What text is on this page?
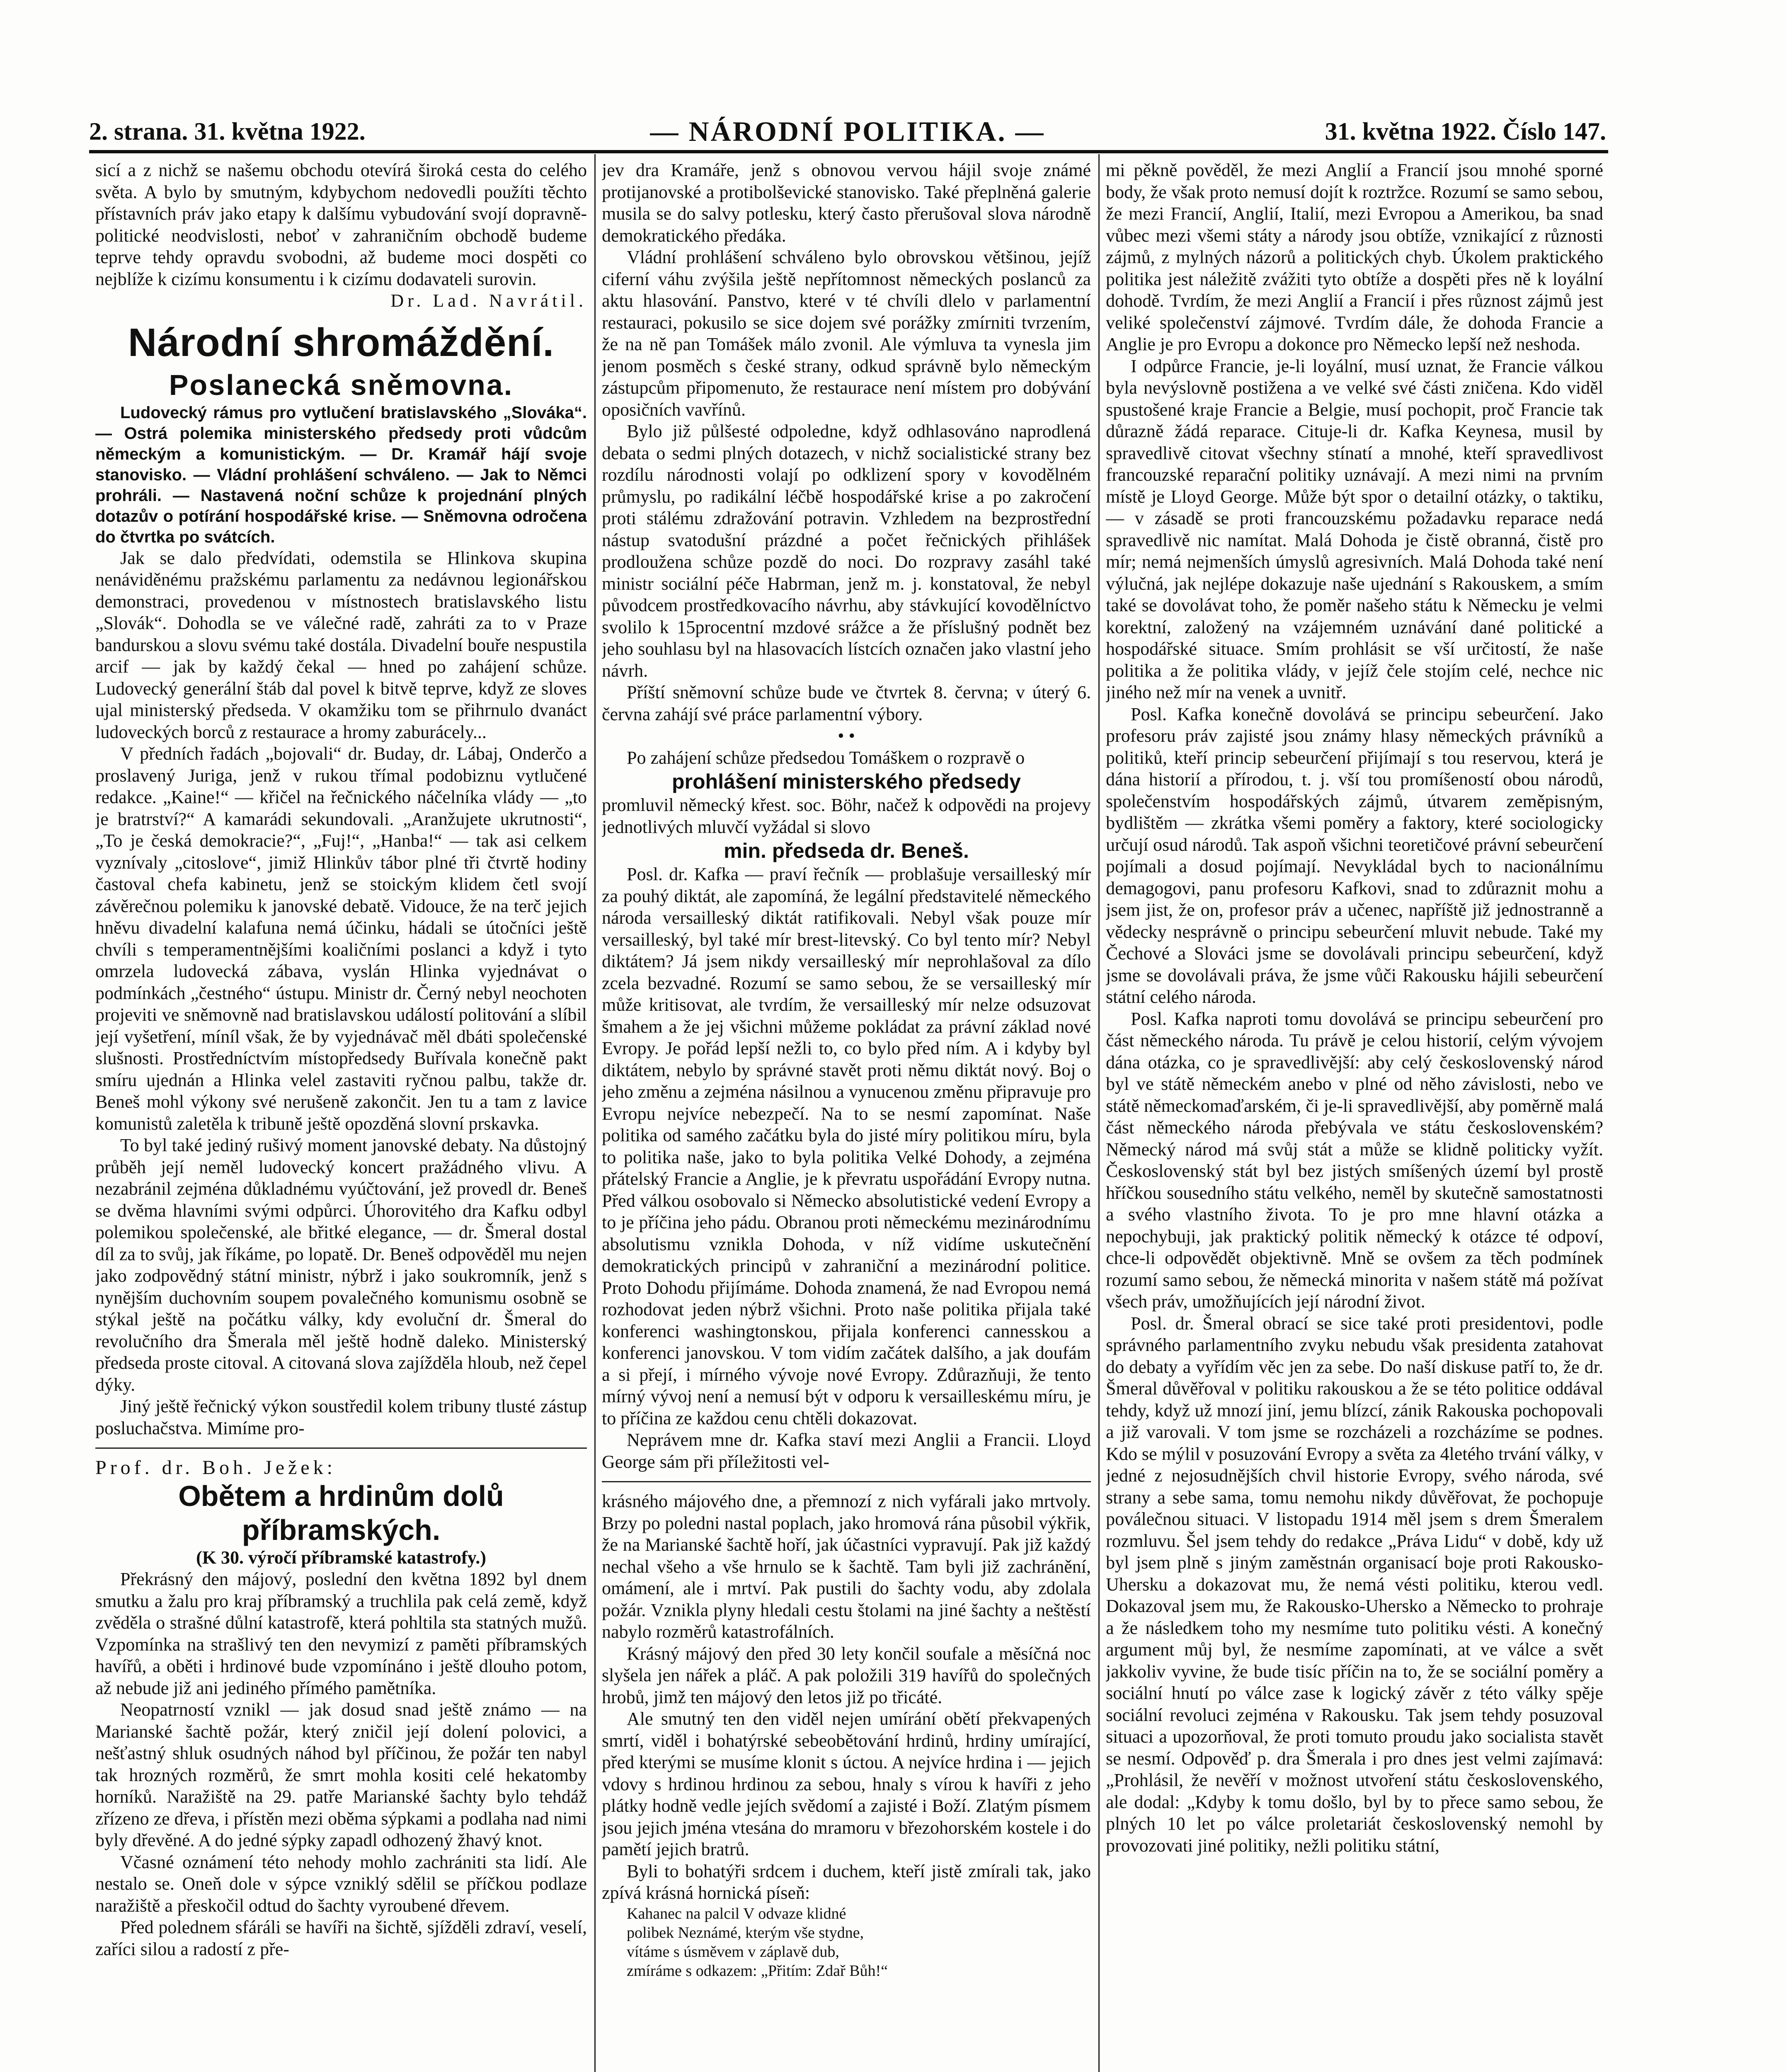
2. strana. 31. května 1922.	— NÁRODNÍ POLITIKA. —	31. května 1922. Číslo 147.

sicí a z nichž se našemu obchodu otevírá široká cesta do celého světa. A bylo by smutným, kdybychom nedovedli použíti těchto přístavních práv jako etapy k dalšímu vybudování svojí dopravně-politické neodvislosti, neboť v zahraničním obchodě budeme teprve tehdy opravdu svobodni, až budeme moci dospěti co nejblíže k cizímu konsumentu i k cizímu dodavateli surovin.

Dr. Lad. Navrátil.

Národní shromáždění.
Poslanecká sněmovna.

Ludovecký rámus pro vytlučení bratislavského „Slováka“. — Ostrá polemika ministerského předsedy proti vůdcům německým a komunistickým. — Dr. Kramář hájí svoje stanovisko. — Vládní prohlášení schváleno. — Jak to Němci prohráli. — Nastavená noční schůze k projednání plných dotazův o potírání hospodářské krise. — Sněmovna odročena do čtvrtka po svátcích.

Jak se dalo předvídati, odemstila se Hlinkova skupina nenáviděnému pražskému parlamentu za nedávnou legionářskou demonstraci, provedenou v místnostech bratislavského listu „Slovák“. Dohodla se ve válečné radě, zahráti za to v Praze bandurskou a slovu svému také dostála. Divadelní bouře nespustila arcif — jak by každý čekal — hned po zahájení schůze. Ludovecký generální štáb dal povel k bitvě teprve, když ze sloves ujal ministerský předseda. V okamžiku tom se přihrnulo dvanáct ludoveckých borců z restaurace a hromy zaburácely...

V předních řadách „bojovali“ dr. Buday, dr. Lábaj, Onderčo a proslavený Juriga, jenž v rukou třímal podobiznu vytlučené redakce. „Kaine!“ — křičel na řečnického náčelníka vlády — „to je bratrství?“ A kamarádi sekundovali. „Aranžujete ukrutnosti“, „To je česká demokracie?“, „Fuj!“, „Hanba!“ — tak asi celkem vyznívaly „citoslove“, jimiž Hlinkův tábor plné tři čtvrtě hodiny častoval chefa kabinetu, jenž se stoickým klidem četl svojí závěrečnou polemiku k janovské debatě. Vidouce, že na terč jejich hněvu divadelní kalafuna nemá účinku, hádali se útočníci ještě chvíli s temperamentnějšími koaličními poslanci a když i tyto omrzela ludovecká zábava, vyslán Hlinka vyjednávat o podmínkách „čestného“ ústupu. Ministr dr. Černý nebyl neochoten projeviti ve sněmovně nad bratislavskou událostí politování a slíbil její vyšetření, míníl však, že by vyjednávač měl dbáti společenské slušnosti. Prostředníctvím místopředsedy Buřívala konečně pakt smíru ujednán a Hlinka velel zastaviti ryčnou palbu, takže dr. Beneš mohl výkony své nerušeně zakončit. Jen tu a tam z lavice komunistů zaletěla k tribuně ještě opozděná slovní prskavka.

To byl také jediný rušivý moment janovské debaty. Na důstojný průběh její neměl ludovecký koncert pražádného vlivu. A nezabránil zejména důkladnému vyúčtování, jež provedl dr. Beneš se dvěma hlavními svými odpůrci. Úhorovitého dra Kafku odbyl polemikou společenské, ale břitké elegance, — dr. Šmeral dostal díl za to svůj, jak říkáme, po lopatě. Dr. Beneš odpověděl mu nejen jako zodpovědný státní ministr, nýbrž i jako soukromník, jenž s nynějším duchovním soupem povalečného komunismu osobně se stýkal ještě na počátku války, kdy evoluční dr. Šmeral do revolučního dra Šmerala měl ještě hodně daleko. Ministerský předseda proste citoval. A citovaná slova zajížděla hloub, než čepel dýky.

Jiný ještě řečnický výkon soustředil kolem tribuny tlusté zástup posluchačstva. Mimíme pro-

Prof. dr. Boh. Ježek:

Obětem a hrdinům dolů příbramských.

(K 30. výročí příbramské katastrofy.)

Překrásný den májový, poslední den května 1892 byl dnem smutku a žalu pro kraj příbramský a truchlila pak celá země, když zvěděla o strašné důlní katastrofě, která pohltila sta statných mužů. Vzpomínka na strašlivý ten den nevymizí z paměti příbramských havířů, a oběti i hrdinové bude vzpomínáno i ještě dlouho potom, až nebude již ani jediného přímého pamětníka.

Neopatrností vznikl — jak dosud snad ještě známo — na Marianské šachtě požár, který zničil její dolení polovici, a nešťastný shluk osudných náhod byl příčinou, že požár ten nabyl tak hrozných rozměrů, že smrt mohla kositi celé hekatomby horníků. Naražiště na 29. patře Marianské šachty bylo tehdáž zřízeno ze dřeva, i přístěn mezi oběma sýpkami a podlaha nad nimi byly dřevěné. A do jedné sýpky zapadl odhozený žhavý knot.

Včasné oznámení této nehody mohlo zachrániti sta lidí. Ale nestalo se. Oneň dole v sýpce vzniklý sdělil se příčkou podlaze naražiště a přeskočil odtud do šachty vyroubené dřevem.

Před polednem sfáráli se havíři na šichtě, sjížděli zdraví, veselí, zaříci silou a radostí z pře-

jev dra Kramáře, jenž s obnovou vervou hájil svoje známé protijanovské a protibolševické stanovisko. Také přeplněná galerie musila se do salvy potlesku, který často přerušoval slova národně demokratického předáka.

Vládní prohlášení schváleno bylo obrovskou většinou, jejíž ciferní váhu zvýšila ještě nepřítomnost německých poslanců za aktu hlasování. Panstvo, které v té chvíli dlelo v parlamentní restauraci, pokusilo se sice dojem své porážky zmírniti tvrzením, že na ně pan Tomášek málo zvonil. Ale výmluva ta vynesla jim jenom posměch s české strany, odkud správně bylo německým zástupcům připomenuto, že restaurace není místem pro dobývání oposičních vavřínů.

Bylo již půlšesté odpoledne, když odhlasováno naprodlená debata o sedmi plných dotazech, v nichž socialistické strany bez rozdílu národnosti volají po odklizení spory v kovodělném průmyslu, po radikální léčbě hospodářské krise a po zakročení proti stálému zdražování potravin. Vzhledem na bezprostřední nástup svatodušní prázdné a počet řečnických přihlášek prodloužena schůze pozdě do noci. Do rozpravy zasáhl také ministr sociální péče Habrman, jenž m. j. konstatoval, že nebyl původcem prostředkovacího návrhu, aby stávkující kovodělníctvo svolilo k 15procentní mzdové srážce a že příslušný podnět bez jeho souhlasu byl na hlasovacích lístcích označen jako vlastní jeho návrh.

Příští sněmovní schůze bude ve čtvrtek 8. června; v úterý 6. června zahájí své práce parlamentní výbory.

• •

Po zahájení schůze předsedou Tomáškem o rozpravě o

prohlášení ministerského předsedy

promluvil německý křest. soc. Böhr, načež k odpovědi na projevy jednotlivých mluvčí vyžádal si slovo

min. předseda dr. Beneš.

Posl. dr. Kafka — praví řečník — problašuje versailleský mír za pouhý diktát, ale zapomíná, že legální představitelé německého národa versailleský diktát ratifikovali. Nebyl však pouze mír versailleský, byl také mír brest-litevský. Co byl tento mír? Nebyl diktátem? Já jsem nikdy versailleský mír neprohlašoval za dílo zcela bezvadné. Rozumí se samo sebou, že se versailleský mír může kritisovat, ale tvrdím, že versailleský mír nelze odsuzovat šmahem a že jej všichni můžeme pokládat za právní základ nové Evropy. Je pořád lepší nežli to, co bylo před ním. A i kdyby byl diktátem, nebylo by správné stavět proti němu diktát nový. Boj o jeho změnu a zejména násilnou a vynucenou změnu připravuje pro Evropu nejvíce nebezpečí. Na to se nesmí zapomínat. Naše politika od samého začátku byla do jisté míry politikou míru, byla to politika naše, jako to byla politika Velké Dohody, a zejména přátelský Francie a Anglie, je k převratu uspořádání Evropy nutna. Před válkou osobovalo si Německo absolutistické vedení Evropy a to je příčina jeho pádu. Obranou proti německému mezinárodnímu absolutismu vznikla Dohoda, v níž vidíme uskutečnění demokratických principů v zahraniční a mezinárodní politice. Proto Dohodu přijímáme. Dohoda znamená, že nad Evropou nemá rozhodovat jeden nýbrž všichni. Proto naše politika přijala také konferenci washingtonskou, přijala konferenci cannesskou a konferenci janovskou. V tom vidím začátek dalšího, a jak doufám a si přejí, i mírného vývoje nové Evropy. Zdůrazňuji, že tento mírný vývoj není a nemusí být v odporu k versailleskému míru, je to příčina ze každou cenu chtěli dokazovat.

Neprávem mne dr. Kafka staví mezi Anglii a Francii. Lloyd George sám při příležitosti vel-

krásného májového dne, a přemnozí z nich vyfárali jako mrtvoly. Brzy po poledni nastal poplach, jako hromová rána působil výkřik, že na Marianské šachtě hoří, jak účastníci vypravují. Pak již každý nechal všeho a vše hrnulo se k šachtě. Tam byli již zachránění, omámení, ale i mrtví. Pak pustili do šachty vodu, aby zdolala požár. Vznikla plyny hledali cestu štolami na jiné šachty a neštěstí nabylo rozměrů katastrofálních.

Krásný májový den před 30 lety končil soufale a měsíčná noc slyšela jen nářek a pláč. A pak položili 319 havířů do společných hrobů, jimž ten májový den letos již po třicáté.

Ale smutný ten den viděl nejen umírání obětí překvapených smrtí, viděl i bohatýrské sebeobětování hrdinů, hrdiny umírající, před kterými se musíme klonit s úctou. A nejvíce hrdina i — jejich vdovy s hrdinou hrdinou za sebou, hnaly s vírou k havíři z jeho plátky hodně vedle jejích svědomí a zajisté i Boží. Zlatým písmem jsou jejich jména vtesána do mramoru v březohorském kostele i do pamětí jejich bratrů.

Byli to bohatýři srdcem i duchem, kteří jistě zmírali tak, jako zpívá krásná hornická píseň:

Kahanec na palcil V odvaze klidné
polibek Neznámé, kterým vše stydne,
vítáme s úsměvem v záplavě dub,
zmíráme s odkazem: „Přitím: Zdař Bůh!“

mi pěkně pověděl, že mezi Anglií a Francií jsou mnohé sporné body, že však proto nemusí dojít k roztržce. Rozumí se samo sebou, že mezi Francií, Anglií, Italií, mezi Evropou a Amerikou, ba snad vůbec mezi všemi státy a národy jsou obtíže, vznikající z různosti zájmů, z mylných názorů a politických chyb. Úkolem praktického politika jest náležitě zvážiti tyto obtíže a dospěti přes ně k loyální dohodě. Tvrdím, že mezi Anglií a Francií i přes různost zájmů jest veliké společenství zájmové. Tvrdím dále, že dohoda Francie a Anglie je pro Evropu a dokonce pro Německo lepší než neshoda.

I odpůrce Francie, je-li loyální, musí uznat, že Francie válkou byla nevýslovně postižena a ve velké své části zničena. Kdo viděl spustošené kraje Francie a Belgie, musí pochopit, proč Francie tak důrazně žádá reparace. Cituje-li dr. Kafka Keynesa, musil by spravedlivě citovat všechny stínatí a mnohé, kteří spravedlivost francouzské reparační politiky uznávají. A mezi nimi na prvním místě je Lloyd George. Může být spor o detailní otázky, o taktiku, — v zásadě se proti francouzskému požadavku reparace nedá spravedlivě nic namítat. Malá Dohoda je čistě obranná, čistě pro mír; nemá nejmenších úmyslů agresivních. Malá Dohoda také není výlučná, jak nejlépe dokazuje naše ujednání s Rakouskem, a smím také se dovolávat toho, že poměr našeho státu k Německu je velmi korektní, založený na vzájemném uznávání dané politické a hospodářské situace. Smím prohlásit se vší určitostí, že naše politika a že politika vlády, v jejíž čele stojím celé, nechce nic jiného než mír na venek a uvnitř.

Posl. Kafka konečně dovolává se principu sebeurčení. Jako profesoru práv zajisté jsou známy hlasy německých právníků a politiků, kteří princip sebeurčení přijímají s tou reservou, která je dána historií a přírodou, t. j. vší tou promíšeností obou národů, společenstvím hospodářských zájmů, útvarem zeměpisným, bydlištěm — zkrátka všemi poměry a faktory, které sociologicky určují osud národů. Tak aspoň všichni teoretičové právní sebeurčení pojímali a dosud pojímají. Nevykládal bych to nacionálnímu demagogovi, panu profesoru Kafkovi, snad to zdůraznit mohu a jsem jist, že on, profesor práv a učenec, napříště již jednostranně a vědecky nesprávně o principu sebeurčení mluvit nebude. Také my Čechové a Slováci jsme se dovolávali principu sebeurčení, když jsme se dovolávali práva, že jsme vůči Rakousku hájili sebeurčení státní celého národa.

Posl. Kafka naproti tomu dovolává se principu sebeurčení pro část německého národa. Tu právě je celou historií, celým vývojem dána otázka, co je spravedlivější: aby celý československý národ byl ve státě německém anebo v plné od něho závislosti, nebo ve státě německomaďarském, či je-li spravedlivější, aby poměrně malá část německého národa přebývala ve státu československém? Německý národ má svůj stát a může se klidně politicky vyžít. Československý stát byl bez jistých smíšených území byl prostě hříčkou sousedního státu velkého, neměl by skutečně samostatnosti a svého vlastního života. To je pro mne hlavní otázka a nepochybuji, jak praktický politik německý k otázce té odpoví, chce-li odpovědět objektivně. Mně se ovšem za těch podmínek rozumí samo sebou, že německá minorita v našem státě má požívat všech práv, umožňujících její národní život.

Posl. dr. Šmeral obrací se sice také proti presidentovi, podle správného parlamentního zvyku nebudu však presidenta zatahovat do debaty a vyřídím věc jen za sebe. Do naší diskuse patří to, že dr. Šmeral důvěřoval v politiku rakouskou a že se této politice oddával tehdy, když už mnozí jiní, jemu blízcí, zánik Rakouska pochopovali a již varovali. V tom jsme se rozcházeli a rozcházíme se podnes. Kdo se mýlil v posuzování Evropy a světa za 4letého trvání války, v jedné z nejosudnějších chvil historie Evropy, svého národa, své strany a sebe sama, tomu nemohu nikdy důvěřovat, že pochopuje poválečnou situaci. V listopadu 1914 měl jsem s drem Šmeralem rozmluvu. Šel jsem tehdy do redakce „Práva Lidu“ v době, kdy už byl jsem plně s jiným zaměstnán organisací boje proti Rakousko-Uhersku a dokazovat mu, že nemá vésti politiku, kterou vedl. Dokazoval jsem mu, že Rakousko-Uhersko a Německo to prohraje a že následkem toho my nesmíme tuto politiku vésti. A konečný argument můj byl, že nesmíme zapomínati, at ve válce a svět jakkoliv vyvine, že bude tisíc příčin na to, že se sociální poměry a sociální hnutí po válce zase k logický závěr z této války spěje sociální revoluci zejména v Rakousku. Tak jsem tehdy posuzoval situaci a upozorňoval, že proti tomuto proudu jako socialista stavět se nesmí. Odpověď p. dra Šmerala i pro dnes jest velmi zajímavá: „Prohlásil, že nevěří v možnost utvoření státu československého, ale dodal: „Kdyby k tomu došlo, byl by to přece samo sebou, že plných 10 let po válce proletariát československý nemohl by provozovati jiné politiky, nežli politiku státní,
